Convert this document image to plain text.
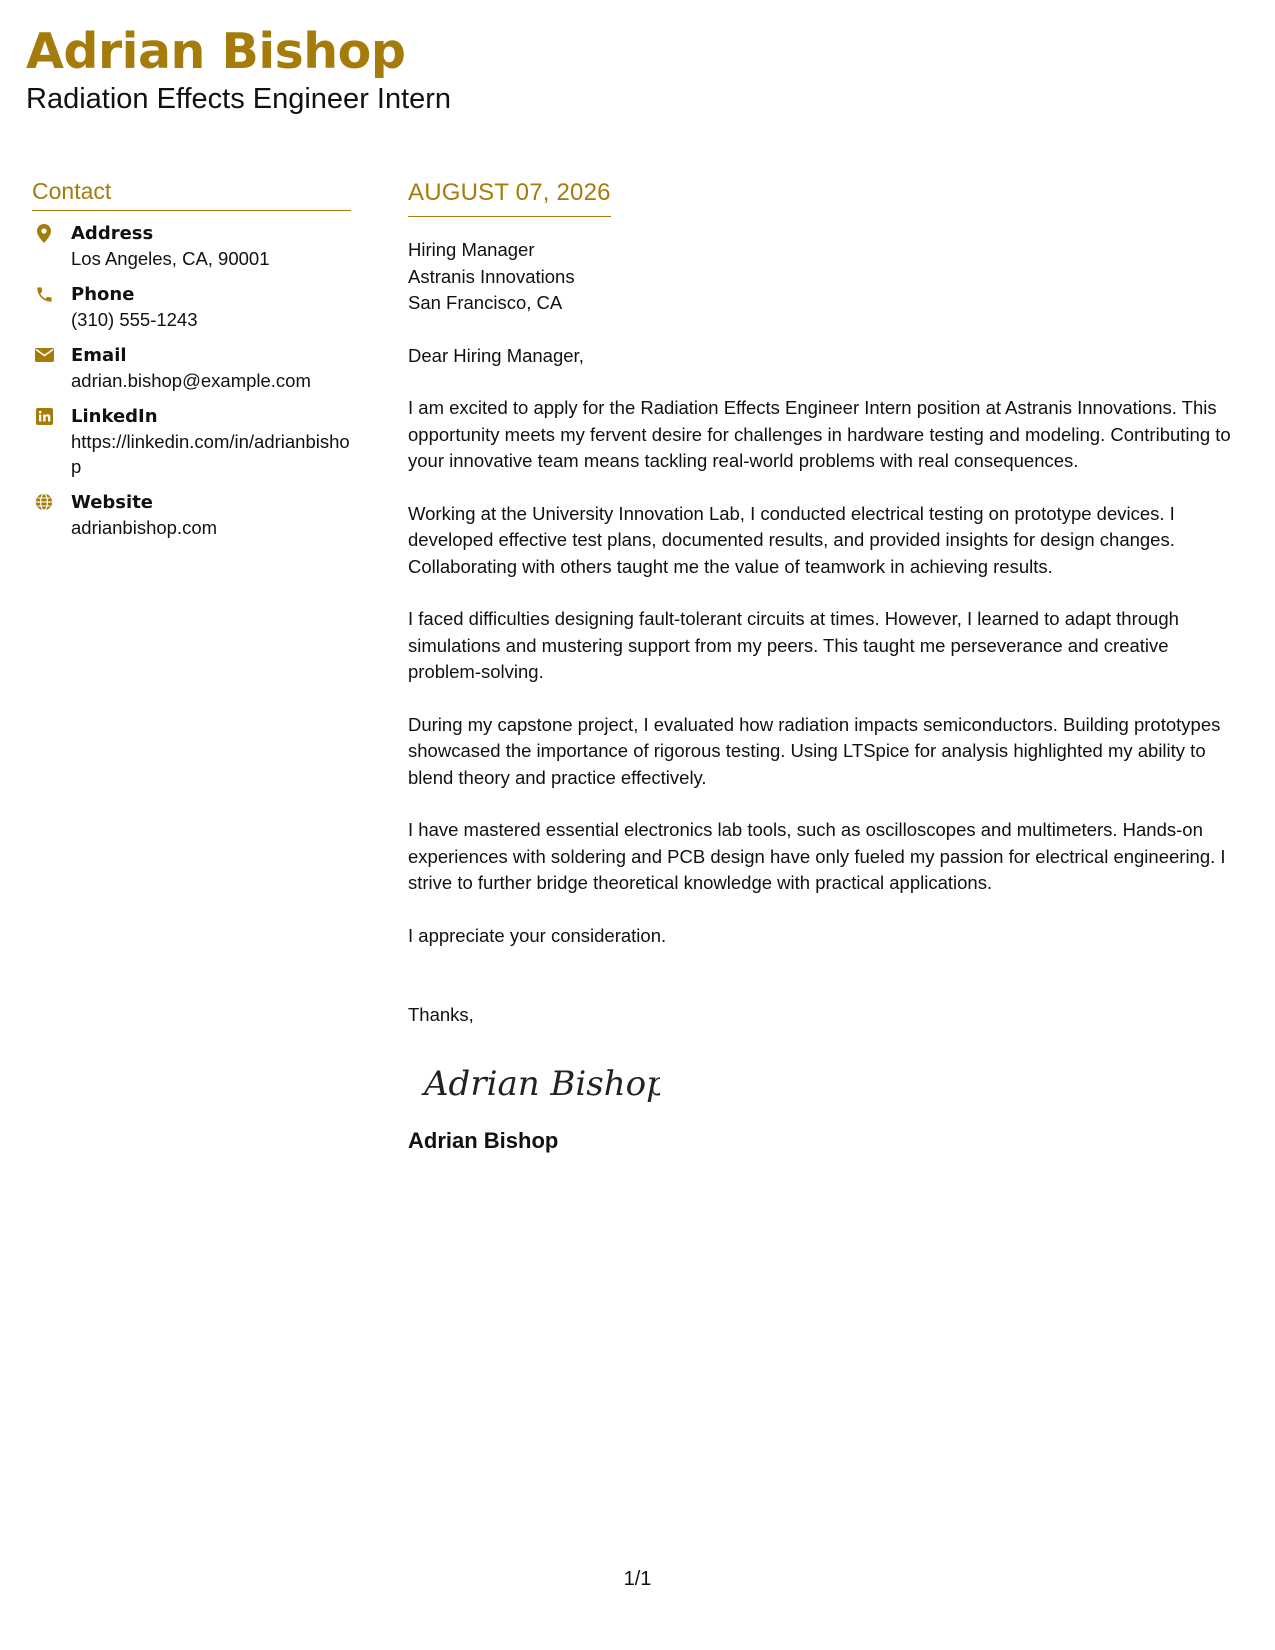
Adrian Bishop
Radiation Effects Engineer Intern
Contact
Address
Los Angeles, CA, 90001
Phone
(310) 555-1243
Email
adrian.bishop@example.com
LinkedIn
https://linkedin.com/in/adrianbishop
Website
adrianbishop.com
AUGUST 07, 2026
Hiring Manager
Astranis Innovations
San Francisco, CA
Dear Hiring Manager,
I am excited to apply for the Radiation Effects Engineer Intern position at Astranis Innovations. This opportunity meets my fervent desire for challenges in hardware testing and modeling. Contributing to your innovative team means tackling real-world problems with real consequences.
Working at the University Innovation Lab, I conducted electrical testing on prototype devices. I developed effective test plans, documented results, and provided insights for design changes. Collaborating with others taught me the value of teamwork in achieving results.
I faced difficulties designing fault-tolerant circuits at times. However, I learned to adapt through simulations and mustering support from my peers. This taught me perseverance and creative problem-solving.
During my capstone project, I evaluated how radiation impacts semiconductors. Building prototypes showcased the importance of rigorous testing. Using LTSpice for analysis highlighted my ability to blend theory and practice effectively.
I have mastered essential electronics lab tools, such as oscilloscopes and multimeters. Hands-on experiences with soldering and PCB design have only fueled my passion for electrical engineering. I strive to further bridge theoretical knowledge with practical applications.
I appreciate your consideration.
Thanks,
Adrian Bishop
Adrian Bishop
1/1
